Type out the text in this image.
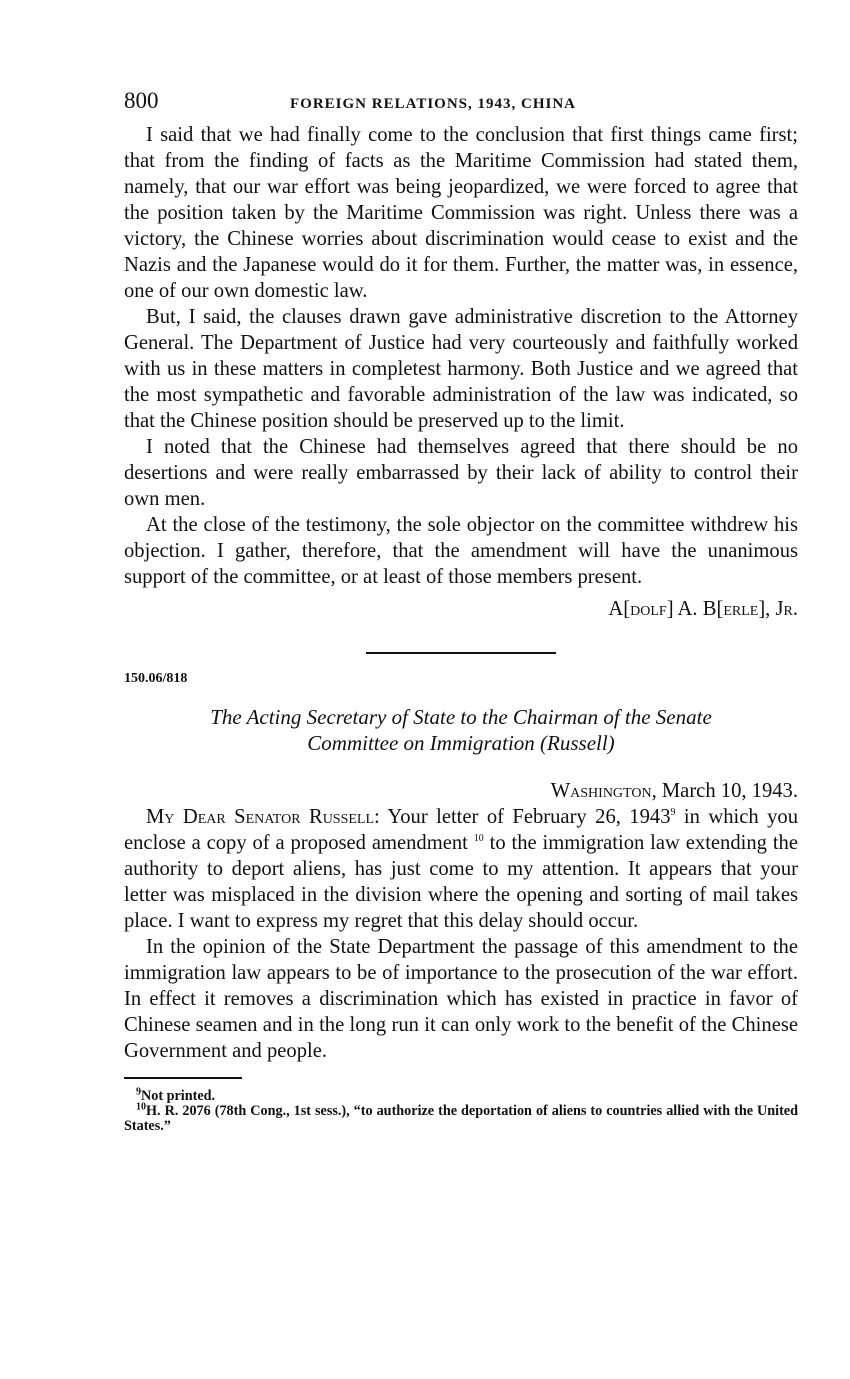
800	FOREIGN RELATIONS, 1943, CHINA

I said that we had finally come to the conclusion that first things came first; that from the finding of facts as the Maritime Commission had stated them, namely, that our war effort was being jeopardized, we were forced to agree that the position taken by the Maritime Commission was right. Unless there was a victory, the Chinese worries about discrimination would cease to exist and the Nazis and the Japanese would do it for them. Further, the matter was, in essence, one of our own domestic law.

But, I said, the clauses drawn gave administrative discretion to the Attorney General. The Department of Justice had very courteously and faithfully worked with us in these matters in completest harmony. Both Justice and we agreed that the most sympathetic and favorable administration of the law was indicated, so that the Chinese position should be preserved up to the limit.

I noted that the Chinese had themselves agreed that there should be no desertions and were really embarrassed by their lack of ability to control their own men.

At the close of the testimony, the sole objector on the committee withdrew his objection. I gather, therefore, that the amendment will have the unanimous support of the committee, or at least of those members present.

A[dolf] A. B[erle], Jr.
150.06/818
The Acting Secretary of State to the Chairman of the Senate
Committee on Immigration (Russell)
Washington, March 10, 1943.

My Dear Senator Russell: Your letter of February 26, 1943$^9$ in which you enclose a copy of a proposed amendment $^{10}$ to the immigration law extending the authority to deport aliens, has just come to my attention. It appears that your letter was misplaced in the division where the opening and sorting of mail takes place. I want to express my regret that this delay should occur.

In the opinion of the State Department the passage of this amendment to the immigration law appears to be of importance to the prosecution of the war effort. In effect it removes a discrimination which has existed in practice in favor of Chinese seamen and in the long run it can only work to the benefit of the Chinese Government and people.

$^9$Not printed.
$^{10}$H. R. 2076 (78th Cong., 1st sess.), “to authorize the deportation of aliens to countries allied with the United States.”
